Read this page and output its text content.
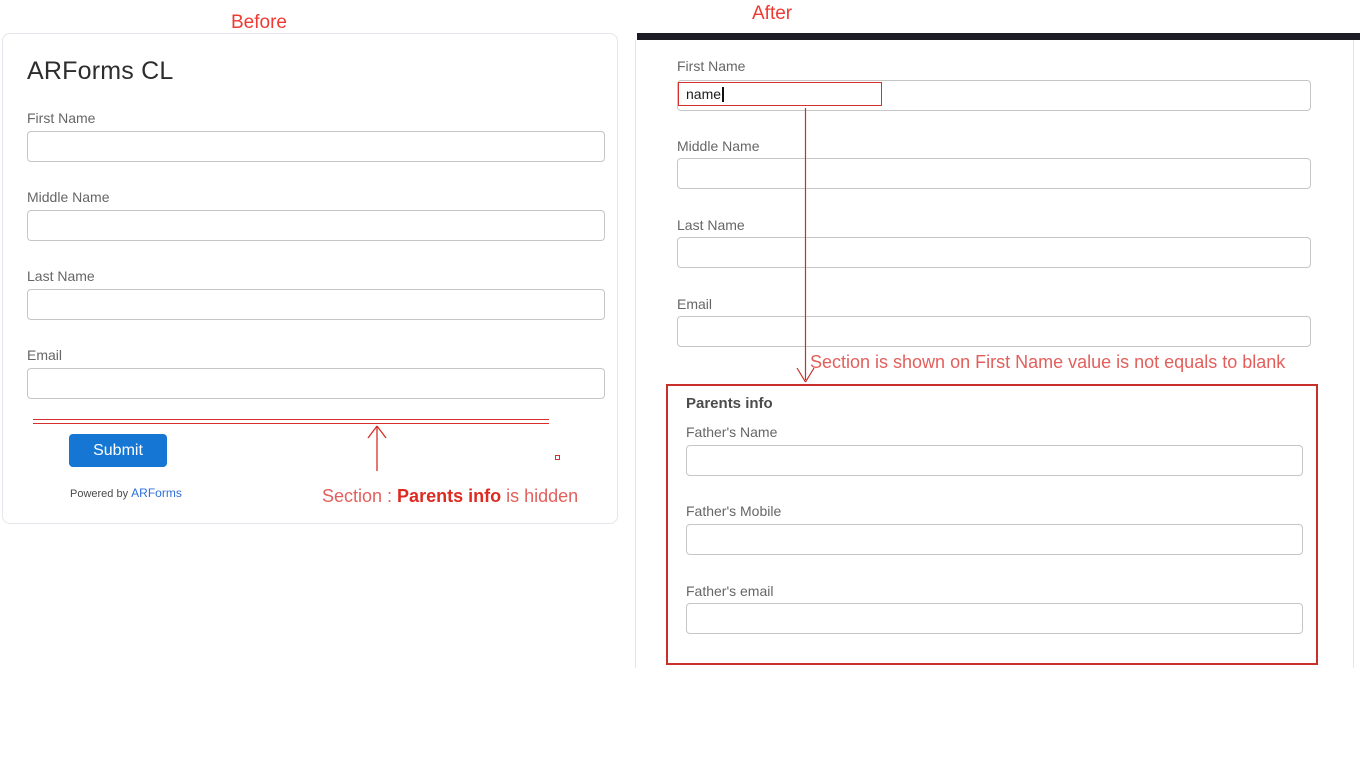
Before
ARForms CL
First Name
Middle Name
Last Name
Email
Submit
Powered by ARForms	Section : Parents info is hidden
After
First Name
name
Middle Name
Last Name
Email
Section is shown on First Name value is not equals to blank
Parents info
Father's Name
Father's Mobile
Father's email
